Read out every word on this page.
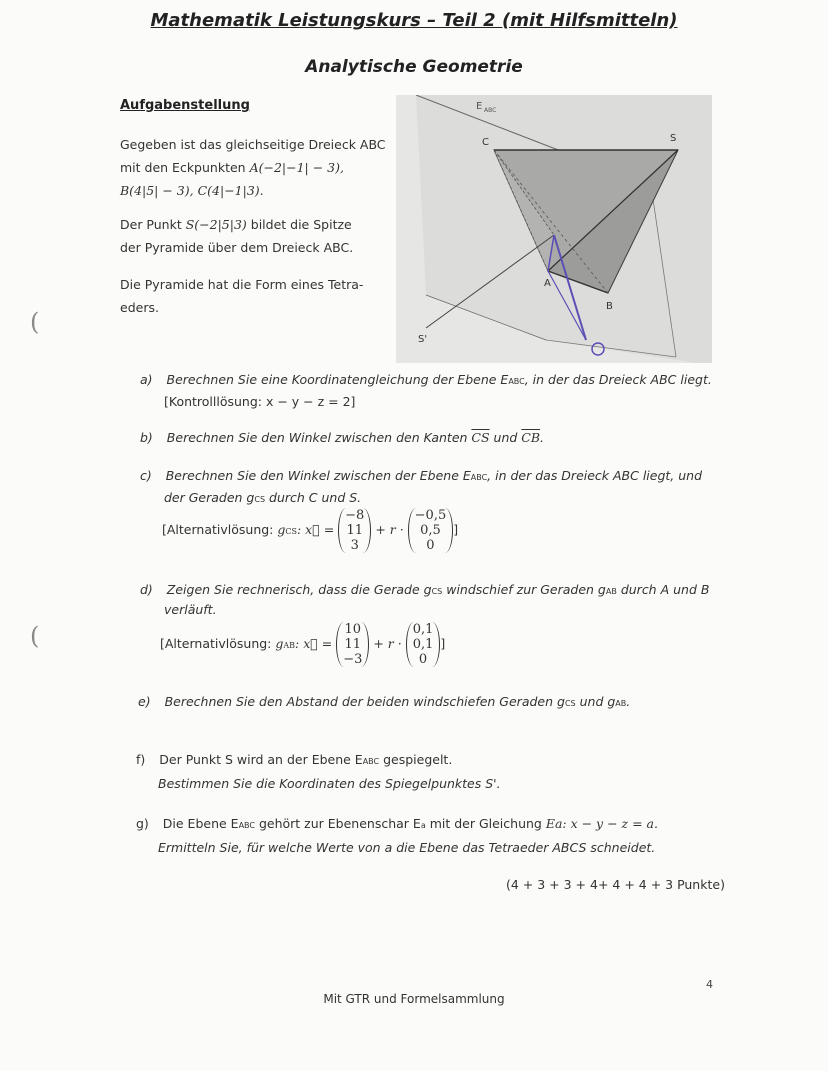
Mathematik Leistungskurs – Teil 2 (mit Hilfsmitteln)
Analytische Geometrie
Aufgabenstellung
Gegeben ist das gleichseitige Dreieck ABC
mit den Eckpunkten A(−2|−1| − 3),
B(4|5| − 3), C(4|−1|3).
Der Punkt S(−2|5|3) bildet die Spitze
der Pyramide über dem Dreieck ABC.
Die Pyramide hat die Form eines Tetra-
eders.
E ABC
C	S
A
B
S'
(
(
a) Berechnen Sie eine Koordinatengleichung der Ebene EABC, in der das Dreieck ABC liegt.
[Kontrolllösung: x − y − z = 2]
b) Berechnen Sie den Winkel zwischen den Kanten $\overline{CS}$ und $\overline{CB}$.
c) Berechnen Sie den Winkel zwischen der Ebene EABC, in der das Dreieck ABC liegt, und
der Geraden gCS durch C und S.
[Alternativlösung: gCS: x⃗ =
−8
11
3
+ r ·
−0,5
0,5
0
]
d) Zeigen Sie rechnerisch, dass die Gerade gCS windschief zur Geraden gAB durch A und B
verläuft.
[Alternativlösung: gAB: x⃗ =
10
11
−3
+ r ·
0,1
0,1
0
]
e) Berechnen Sie den Abstand der beiden windschiefen Geraden gCS und gAB.
f) Der Punkt S wird an der Ebene EABC gespiegelt.
Bestimmen Sie die Koordinaten des Spiegelpunktes S'.
g) Die Ebene EABC gehört zur Ebenenschar Ea mit der Gleichung Ea: x − y − z = a.
Ermitteln Sie, für welche Werte von a die Ebene das Tetraeder ABCS schneidet.
(4 + 3 + 3 + 4+ 4 + 4 + 3 Punkte)
4
Mit GTR und Formelsammlung
